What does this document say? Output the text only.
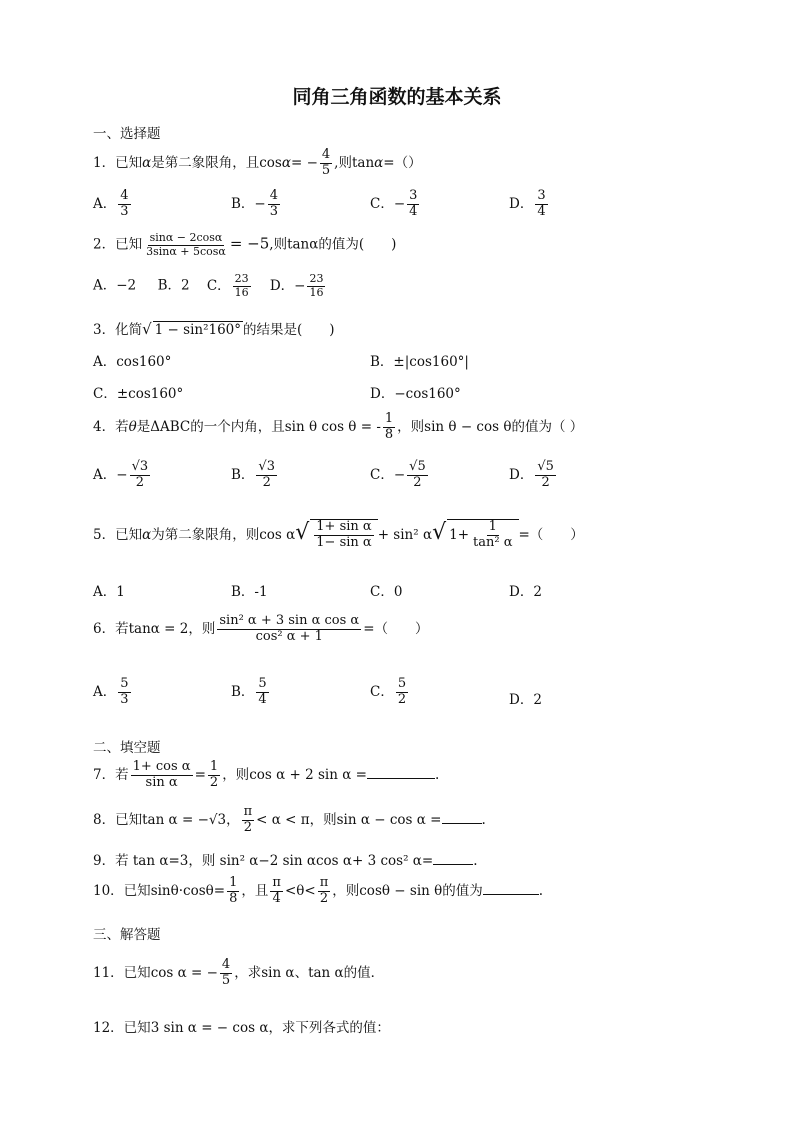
同角三角函数的基本关系
一、选择题
1．已知α是第二象限角，且$\cos\alpha= - \frac{4}{5}$ ,则tanα=（）
A． $\frac{4}{3}$	B．− $\frac{4}{3}$	C．− $\frac{3}{4}$	D． $\frac{3}{4}$
2．已知 $\frac{\sin\alpha - 2\cos\alpha}{3\sin\alpha + 5\cos\alpha} = -5$,则tanα的值为(　　)
A．−2 B．2 C． $\frac{23}{16}$ D．− $\frac{23}{16}$
3．化简√ 1 − sin²160° 的结果是(　　)
A．cos160°	B．±|cos160°|
C．±cos160°	D．−cos160°
4．若θ是ΔABC的一个内角，且sin θ cos θ = - $\frac{1}{8}$ ，则sin θ − cos θ的值为（ ）
A．− $\frac{√3}{2}$	B． $\frac{√3}{2}$	C．− $\frac{√5}{2}$	D． $\frac{√5}{2}$
5．已知α为第二象限角，则$\cos \alpha√ \frac{\text{1+ sin α}}{\text{1− sin α}} + \sin^2$ α√ $1+ \frac{1}{\text{tan² α}}$ =（　　）
A．1	B．-1	C．0	D．2
6．若tanα = 2，则 $\frac{\text{sin² α + 3 sin α cos α}}{\text{cos² α + 1}}$ =（　　）
A． $\frac{5}{3}$	B． $\frac{5}{4}$	C． $\frac{5}{2}$	D．2
二、填空题
7．若 $\frac{\text{1+ cos α}}{\text{sin α}} = \frac{1}{2}$ ，则cos α + 2 sin α =	.
8．已知tan α = −√3， $\frac{\pi}{2} < \alpha < \pi$，则sin α − cos α =	.
9．若 tan α=3，则 sin² α−2 sin αcos α+ 3 cos² α=	.
10．已知$\sin\theta\cdot\cos\theta= \frac{1}{8}$ ，且 $\frac{\pi}{4} <\theta< \frac{\pi}{2}$ ，则cosθ − sin θ的值为	.
三、解答题
11．已知cos α = − $\frac{4}{5}$ ，求sin α、tan α的值．
12．已知3 sin α = − cos α，求下列各式的值：
